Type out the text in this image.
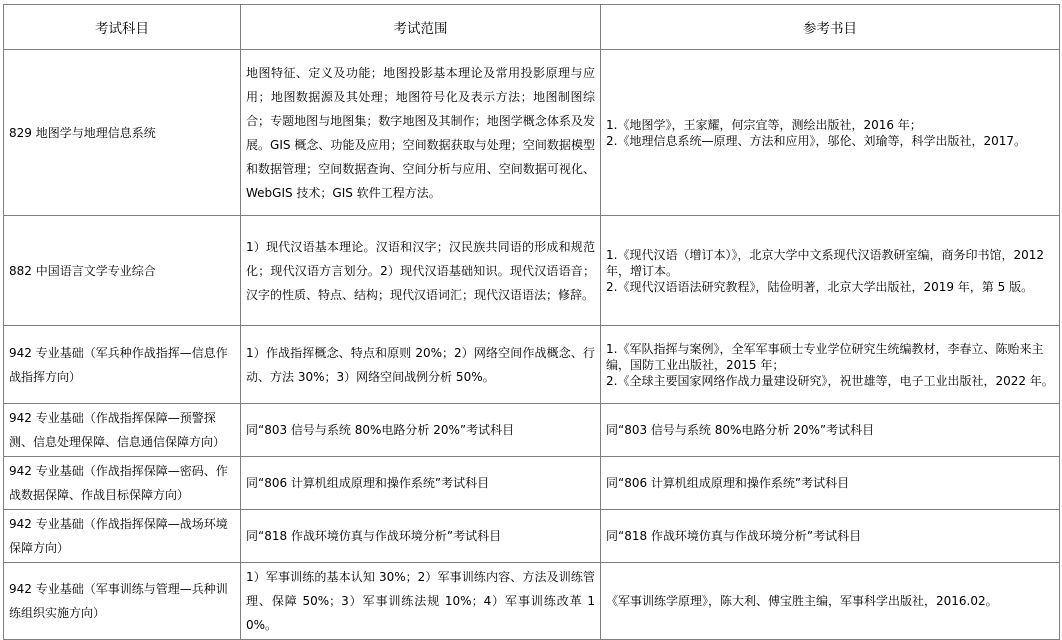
考试科目	考试范围	参考书目
829 地图学与地理信息系统	地图特征、定义及功能；地图投影基本理论及常用投影原理与应用；地图数据源及其处理；地图符号化及表示方法；地图制图综合；专题地图与地图集；数字地图及其制作；地图学概念体系及发展。GIS 概念、功能及应用；空间数据获取与处理；空间数据模型和数据管理；空间数据查询、空间分析与应用、空间数据可视化、WebGIS 技术；GIS 软件工程方法。	1.《地图学》，王家耀，何宗宜等，测绘出版社，2016 年；
2.《地理信息系统—原理、方法和应用》，邬伦、刘瑜等，科学出版社，2017。

882 中国语言文学专业综合	1）现代汉语基本理论。汉语和汉字；汉民族共同语的形成和规范化；现代汉语方言划分。2）现代汉语基础知识。现代汉语语音；汉字的性质、特点、结构；现代汉语词汇；现代汉语语法；修辞。	1.《现代汉语（增订本）》，北京大学中文系现代汉语教研室编，商务印书馆，2012 年，增订本。
2.《现代汉语语法研究教程》，陆俭明著，北京大学出版社，2019 年，第 5 版。

942 专业基础（军兵种作战指挥—信息作战指挥方向）	1）作战指挥概念、特点和原则 20%；2）网络空间作战概念、行动、方法 30%；3）网络空间战例分析 50%。	1.《军队指挥与案例》，全军军事硕士专业学位研究生统编教材，李春立、陈贻来主编，国防工业出版社，2015 年；
2.《全球主要国家网络作战力量建设研究》，祝世雄等，电子工业出版社，2022 年。

942 专业基础（作战指挥保障—预警探测、信息处理保障、信息通信保障方向）	同“803 信号与系统 80%电路分析 20%”考试科目	同“803 信号与系统 80%电路分析 20%”考试科目
942 专业基础（作战指挥保障—密码、作战数据保障、作战目标保障方向）	同“806 计算机组成原理和操作系统”考试科目	同“806 计算机组成原理和操作系统”考试科目
942 专业基础（作战指挥保障—战场环境保障方向）	同“818 作战环境仿真与作战环境分析”考试科目	同“818 作战环境仿真与作战环境分析”考试科目
942 专业基础（军事训练与管理—兵种训练组织实施方向）	1）军事训练的基本认知 30%；2）军事训练内容、方法及训练管理、保障 50%；3）军事训练法规 10%；4）军事训练改革 10%。	《军事训练学原理》，陈大利、傅宝胜主编，军事科学出版社，2016.02。
